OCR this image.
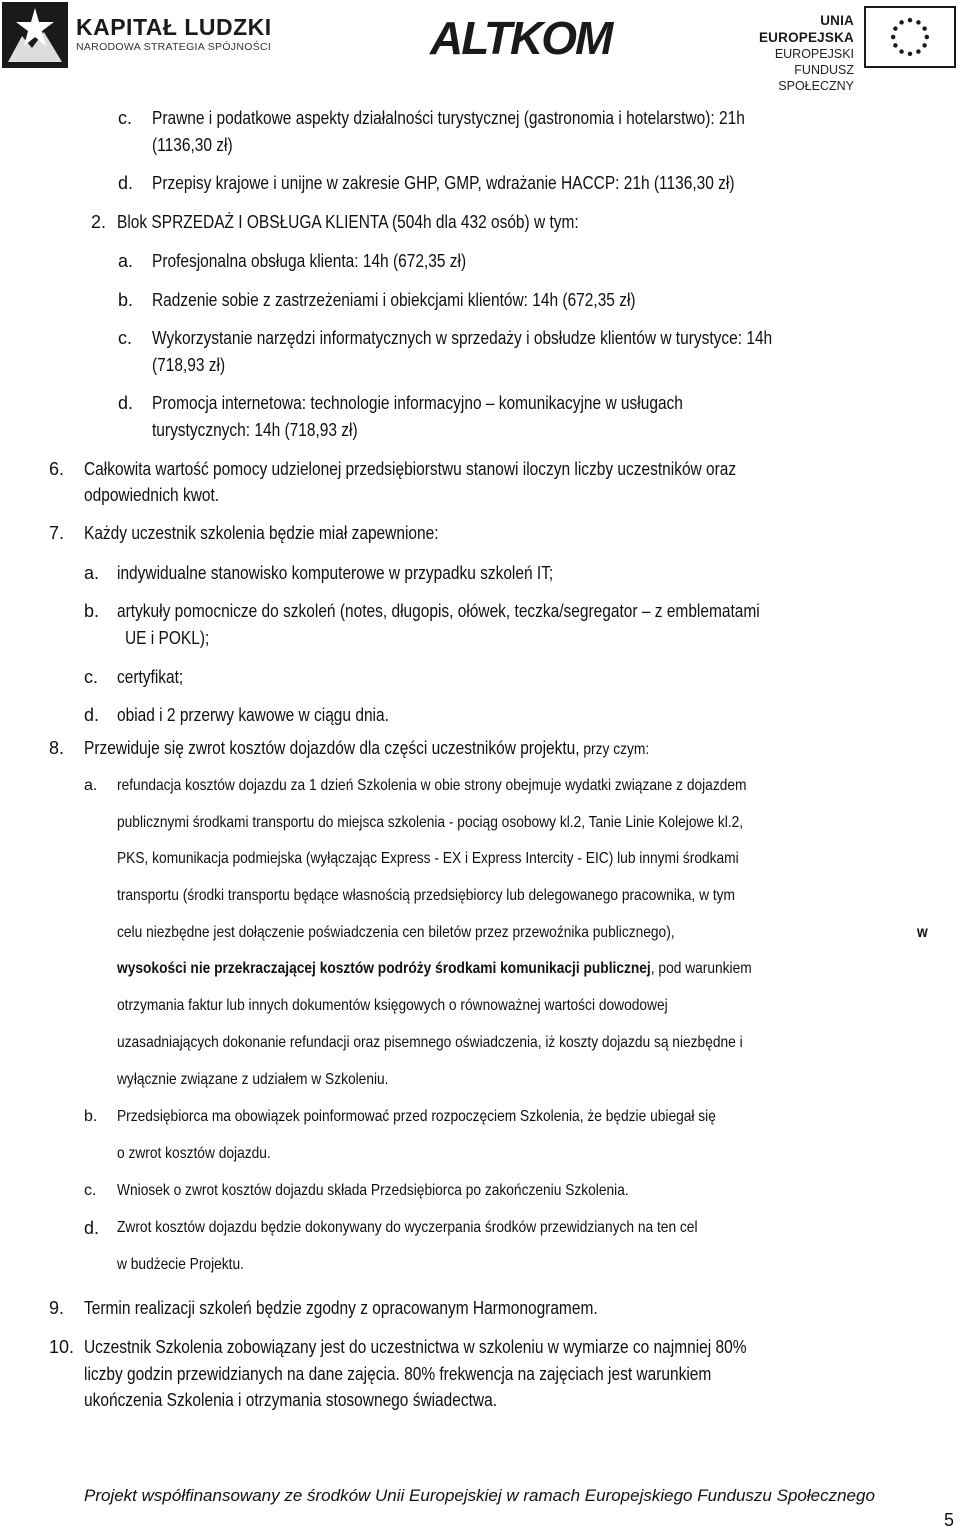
KAPITAŁ LUDZKI
NARODOWA STRATEGIA SPÓJNOŚCI	ALTKOM	UNIA EUROPEJSKA
EUROPEJSKI
FUNDUSZ SPOŁECZNY
c. Prawne i podatkowe aspekty działalności turystycznej (gastronomia i hotelarstwo): 21h
(1136,30 zł)
d. Przepisy krajowe i unijne w zakresie GHP, GMP, wdrażanie HACCP: 21h (1136,30 zł)
2. Blok SPRZEDAŻ I OBSŁUGA KLIENTA (504h dla 432 osób) w tym:
a. Profesjonalna obsługa klienta: 14h (672,35 zł)
b. Radzenie sobie z zastrzeżeniami i obiekcjami klientów: 14h (672,35 zł)
c. Wykorzystanie narzędzi informatycznych w sprzedaży i obsłudze klientów w turystyce: 14h
(718,93 zł)
d. Promocja internetowa: technologie informacyjno – komunikacyjne w usługach
turystycznych: 14h (718,93 zł)
6. Całkowita wartość pomocy udzielonej przedsiębiorstwu stanowi iloczyn liczby uczestników oraz
odpowiednich kwot.
7. Każdy uczestnik szkolenia będzie miał zapewnione:
a. indywidualne stanowisko komputerowe w przypadku szkoleń IT;
b. artykuły pomocnicze do szkoleń (notes, długopis, ołówek, teczka/segregator – z emblematami
UE i POKL);
c. certyfikat;
d. obiad i 2 przerwy kawowe w ciągu dnia.
8. Przewiduje się zwrot kosztów dojazdów dla części uczestników projektu, przy czym:
a. refundacja kosztów dojazdu za 1 dzień Szkolenia w obie strony obejmuje wydatki związane z dojazdem
publicznymi środkami transportu do miejsca szkolenia - pociąg osobowy kl.2, Tanie Linie Kolejowe kl.2,
PKS, komunikacja podmiejska (wyłączając Express - EX i Express Intercity - EIC) lub innymi środkami
transportu (środki transportu będące własnością przedsiębiorcy lub delegowanego pracownika, w tym
celu niezbędne jest dołączenie poświadczenia cen biletów przez przewoźnika publicznego),	w
wysokości nie przekraczającej kosztów podróży środkami komunikacji publicznej, pod warunkiem
otrzymania faktur lub innych dokumentów księgowych o równoważnej wartości dowodowej
uzasadniających dokonanie refundacji oraz pisemnego oświadczenia, iż koszty dojazdu są niezbędne i
wyłącznie związane z udziałem w Szkoleniu.
b. Przedsiębiorca ma obowiązek poinformować przed rozpoczęciem Szkolenia, że będzie ubiegał się
o zwrot kosztów dojazdu.
c. Wniosek o zwrot kosztów dojazdu składa Przedsiębiorca po zakończeniu Szkolenia.
d. Zwrot kosztów dojazdu będzie dokonywany do wyczerpania środków przewidzianych na ten cel
w budżecie Projektu.
9. Termin realizacji szkoleń będzie zgodny z opracowanym Harmonogramem.
10. Uczestnik Szkolenia zobowiązany jest do uczestnictwa w szkoleniu w wymiarze co najmniej 80%
liczby godzin przewidzianych na dane zajęcia. 80% frekwencja na zajęciach jest warunkiem
ukończenia Szkolenia i otrzymania stosownego świadectwa.
Projekt współfinansowany ze środków Unii Europejskiej w ramach Europejskiego Funduszu Społecznego
5
